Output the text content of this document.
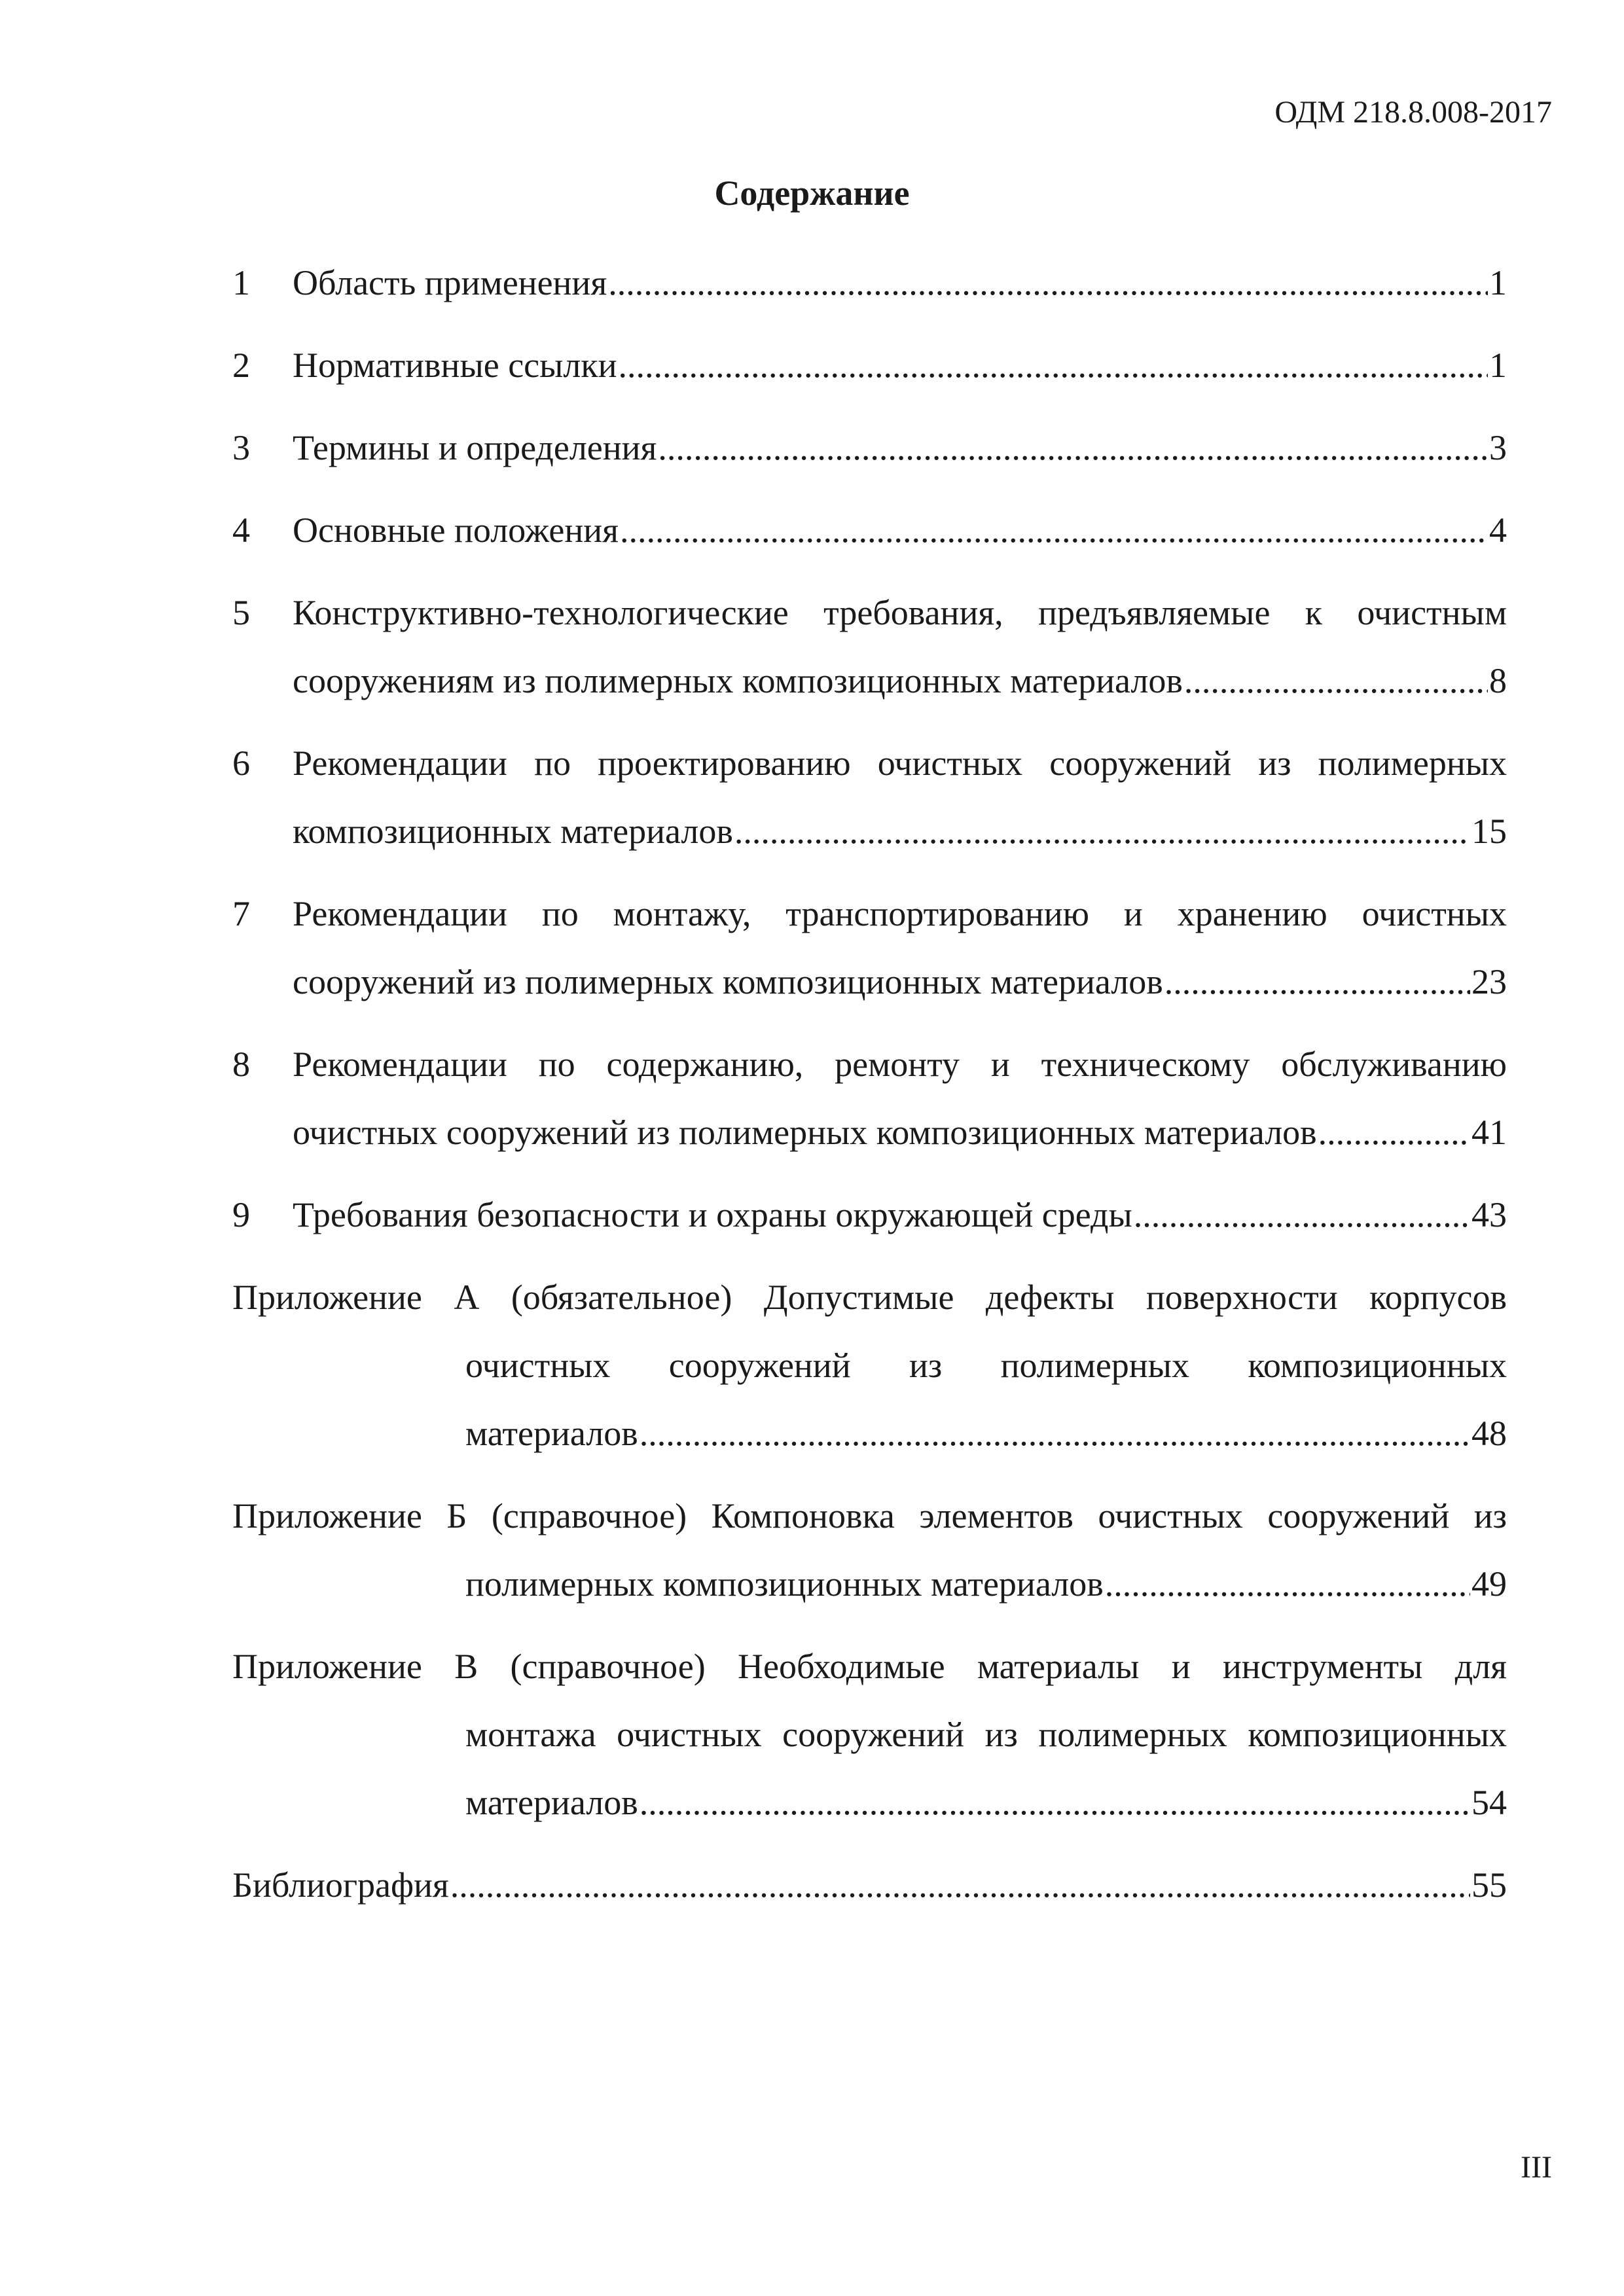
ОДМ 218.8.008-2017
Содержание
1 Область применения .....	1
2 Нормативные ссылки .....	1
3 Термины и определения .....	3
4 Основные положения .....	4
5 Конструктивно-технологические требования, предъявляемые к очистным
сооружениям из полимерных композиционных материалов .....	8
6 Рекомендации по проектированию очистных сооружений из полимерных
композиционных материалов .....	15
7 Рекомендации по монтажу, транспортированию и хранению очистных
сооружений из полимерных композиционных материалов .....	23
8 Рекомендации по содержанию, ремонту и техническому обслуживанию
очистных сооружений из полимерных композиционных материалов .....	41
9 Требования безопасности и охраны окружающей среды .....	43
Приложение А (обязательное) Допустимые дефекты поверхности корпусов
очистных сооружений из полимерных композиционных
материалов .....	48
Приложение Б (справочное) Компоновка элементов очистных сооружений из
полимерных композиционных материалов .....	49
Приложение В (справочное) Необходимые материалы и инструменты для
монтажа очистных сооружений из полимерных композиционных
материалов .....	54
Библиография .....	55
III
